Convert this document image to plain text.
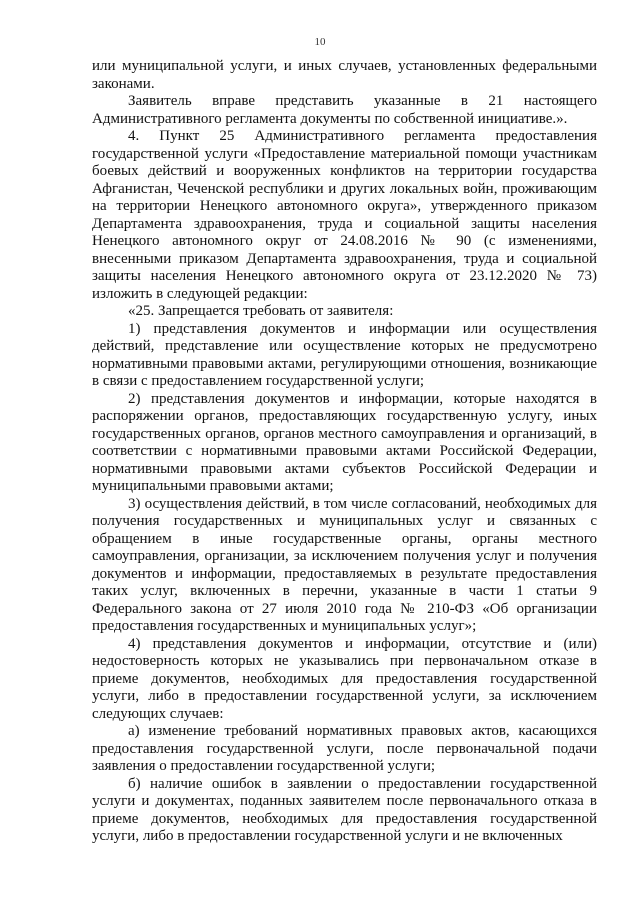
10

или муниципальной услуги, и иных случаев, установленных федеральными законами.

Заявитель вправе представить указанные в 21 настоящего Административного регламента документы по собственной инициативе.».

4. Пункт 25 Административного регламента предоставления государственной услуги «Предоставление материальной помощи участникам боевых действий и вооруженных конфликтов на территории государства Афганистан, Чеченской республики и других локальных войн, проживающим на территории Ненецкого автономного округа», утвержденного приказом Департамента здравоохранения, труда и социальной защиты населения Ненецкого автономного округ от 24.08.2016 № 90 (с изменениями, внесенными приказом Департамента здравоохранения, труда и социальной защиты населения Ненецкого автономного округа от 23.12.2020 № 73) изложить в следующей редакции:

«25. Запрещается требовать от заявителя:

1) представления документов и информации или осуществления действий, представление или осуществление которых не предусмотрено нормативными правовыми актами, регулирующими отношения, возникающие в связи с предоставлением государственной услуги;

2) представления документов и информации, которые находятся в распоряжении органов, предоставляющих государственную услугу, иных государственных органов, органов местного самоуправления и организаций, в соответствии с нормативными правовыми актами Российской Федерации, нормативными правовыми актами субъектов Российской Федерации и муниципальными правовыми актами;

3) осуществления действий, в том числе согласований, необходимых для получения государственных и муниципальных услуг и связанных с обращением в иные государственные органы, органы местного самоуправления, организации, за исключением получения услуг и получения документов и информации, предоставляемых в результате предоставления таких услуг, включенных в перечни, указанные в части 1 статьи 9 Федерального закона от 27 июля 2010 года № 210-ФЗ «Об организации предоставления государственных и муниципальных услуг»;

4) представления документов и информации, отсутствие и (или) недостоверность которых не указывались при первоначальном отказе в приеме документов, необходимых для предоставления государственной услуги, либо в предоставлении государственной услуги, за исключением следующих случаев:

а) изменение требований нормативных правовых актов, касающихся предоставления государственной услуги, после первоначальной подачи заявления о предоставлении государственной услуги;

б) наличие ошибок в заявлении о предоставлении государственной услуги и документах, поданных заявителем после первоначального отказа в приеме документов, необходимых для предоставления государственной услуги, либо в предоставлении государственной услуги и не включенных
